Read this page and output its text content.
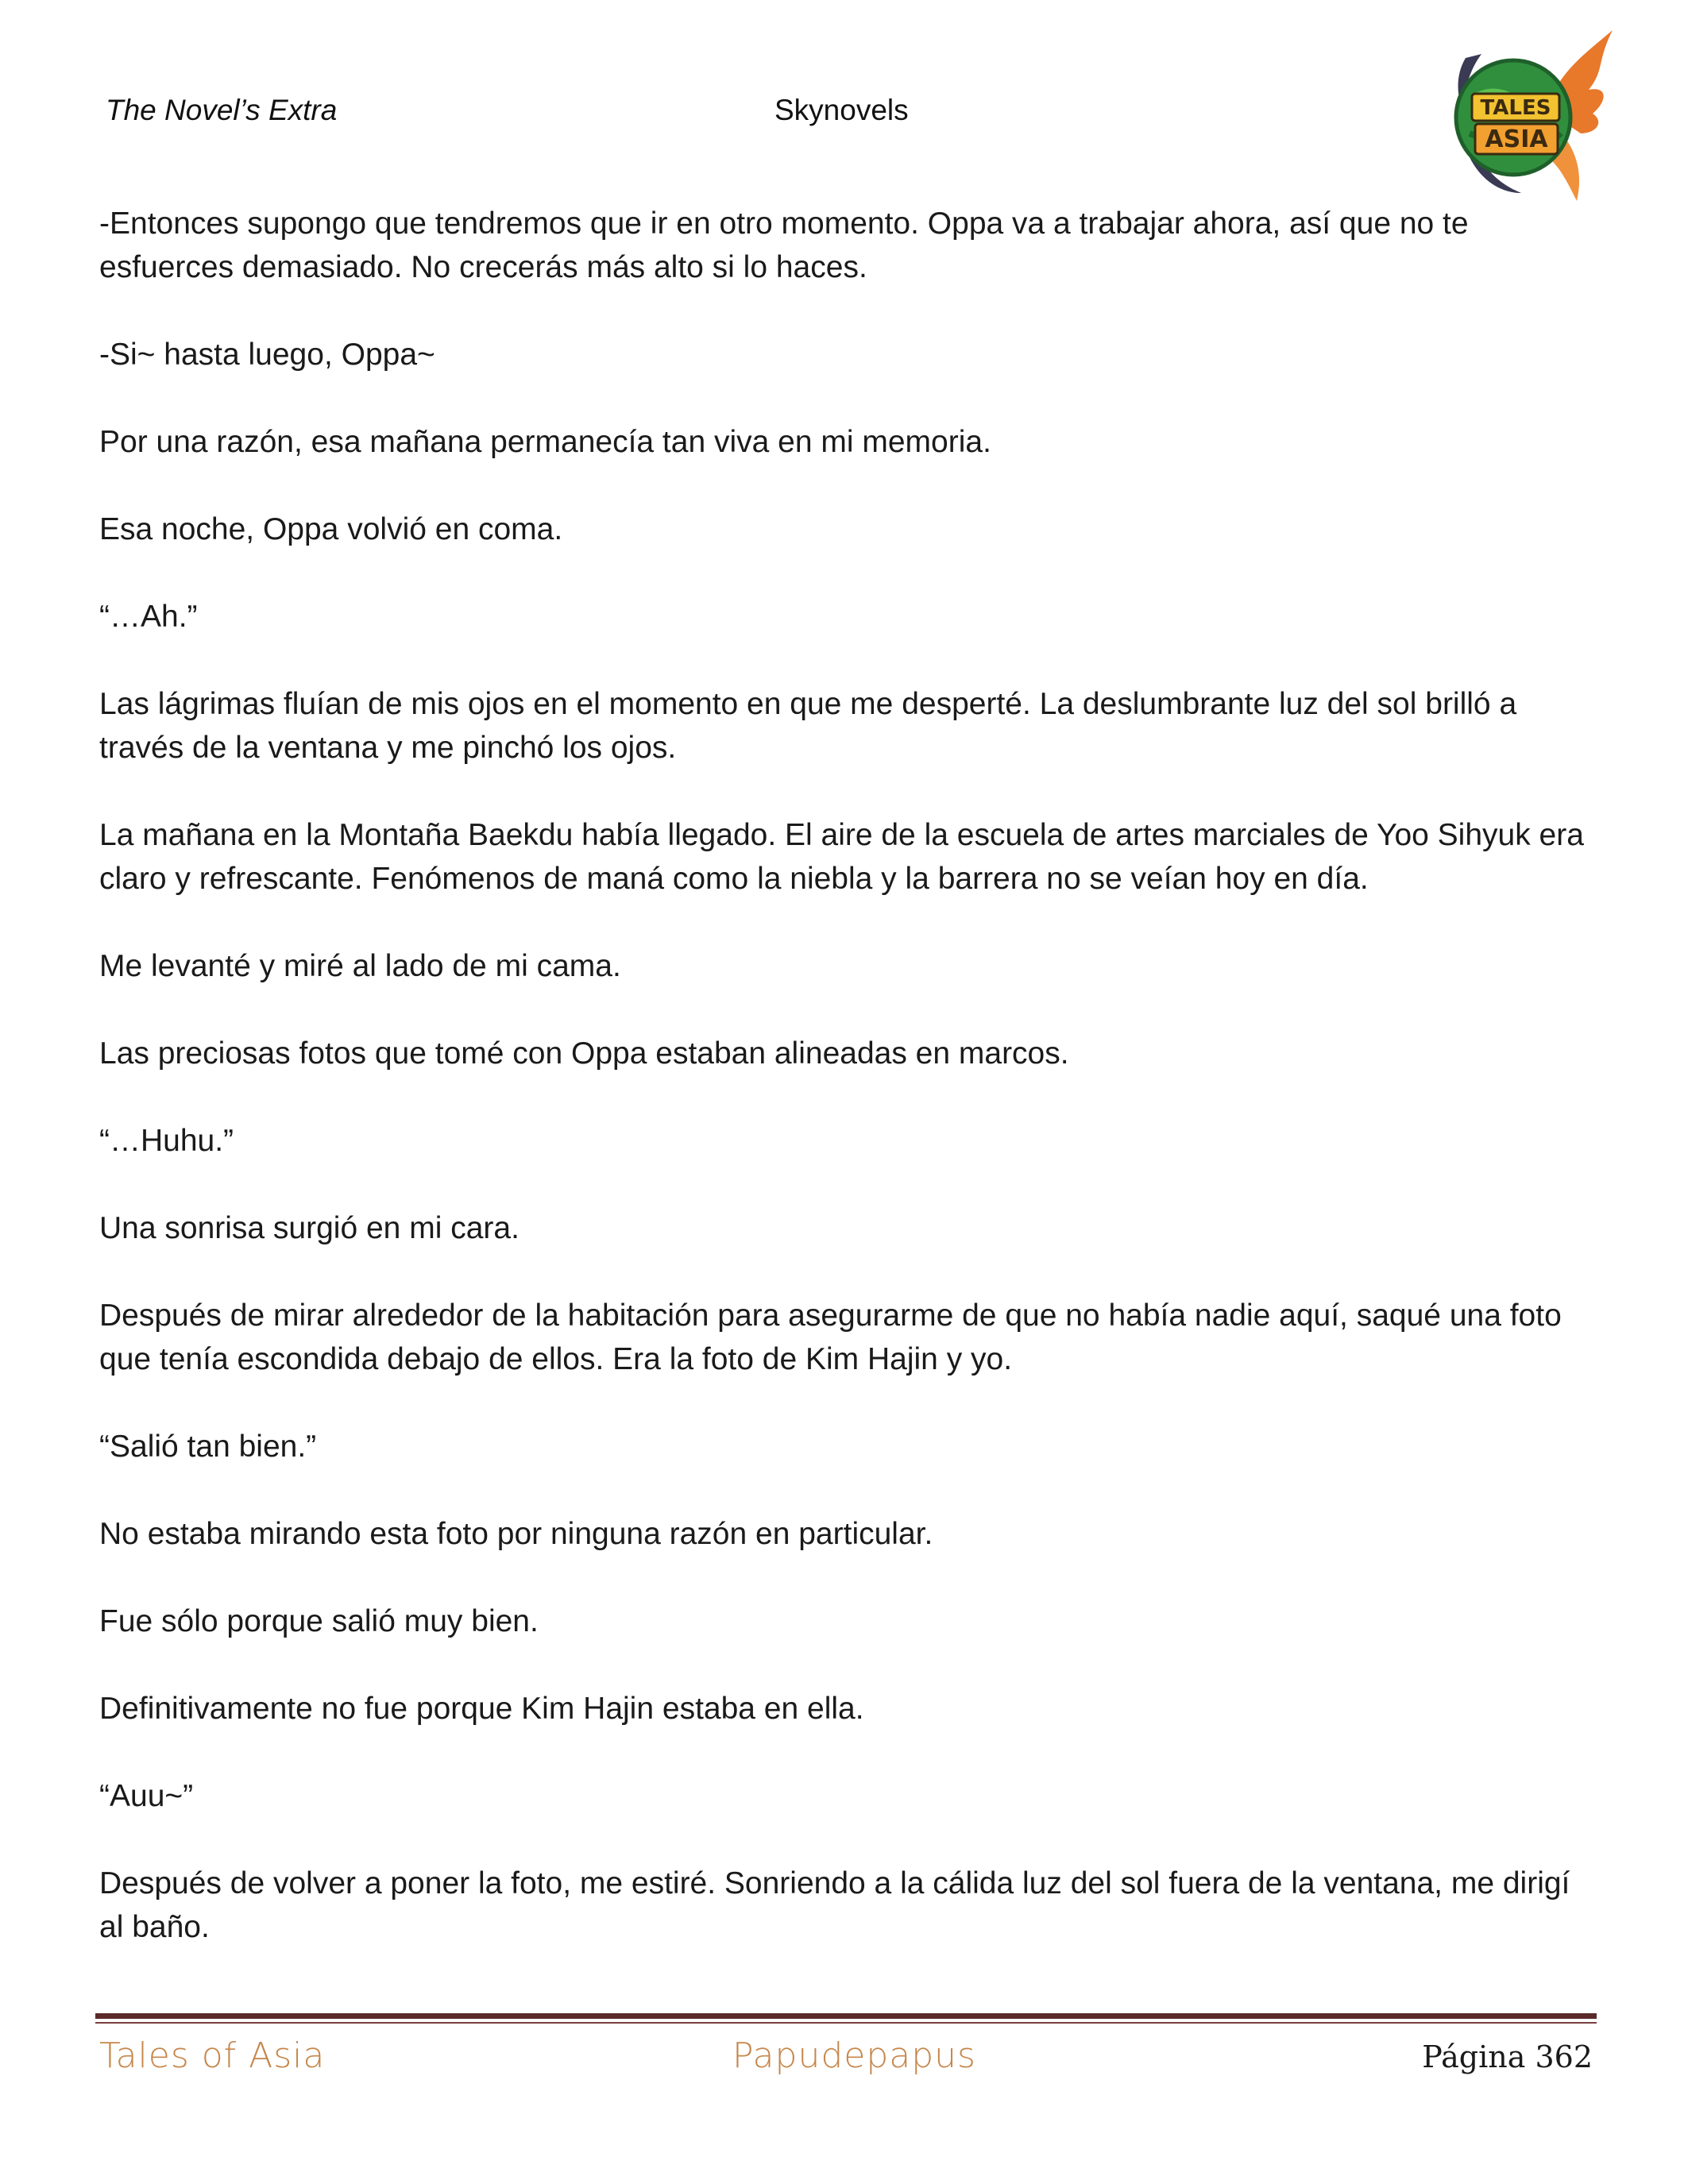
The Novel’s Extra	Skynovels	TALES
ASIA

-Entonces supongo que tendremos que ir en otro momento. Oppa va a trabajar ahora, así que no te esfuerces demasiado. No crecerás más alto si lo haces.

-Si~ hasta luego, Oppa~

Por una razón, esa mañana permanecía tan viva en mi memoria.

Esa noche, Oppa volvió en coma.

“…Ah.”

Las lágrimas fluían de mis ojos en el momento en que me desperté. La deslumbrante luz del sol brilló a través de la ventana y me pinchó los ojos.

La mañana en la Montaña Baekdu había llegado. El aire de la escuela de artes marciales de Yoo Sihyuk era claro y refrescante. Fenómenos de maná como la niebla y la barrera no se veían hoy en día.

Me levanté y miré al lado de mi cama.

Las preciosas fotos que tomé con Oppa estaban alineadas en marcos.

“…Huhu.”

Una sonrisa surgió en mi cara.

Después de mirar alrededor de la habitación para asegurarme de que no había nadie aquí, saqué una foto que tenía escondida debajo de ellos. Era la foto de Kim Hajin y yo.

“Salió tan bien.”

No estaba mirando esta foto por ninguna razón en particular.

Fue sólo porque salió muy bien.

Definitivamente no fue porque Kim Hajin estaba en ella.

“Auu~”

Después de volver a poner la foto, me estiré. Sonriendo a la cálida luz del sol fuera de la ventana, me dirigí al baño.

Tales of Asia	Papudepapus	Página 362
